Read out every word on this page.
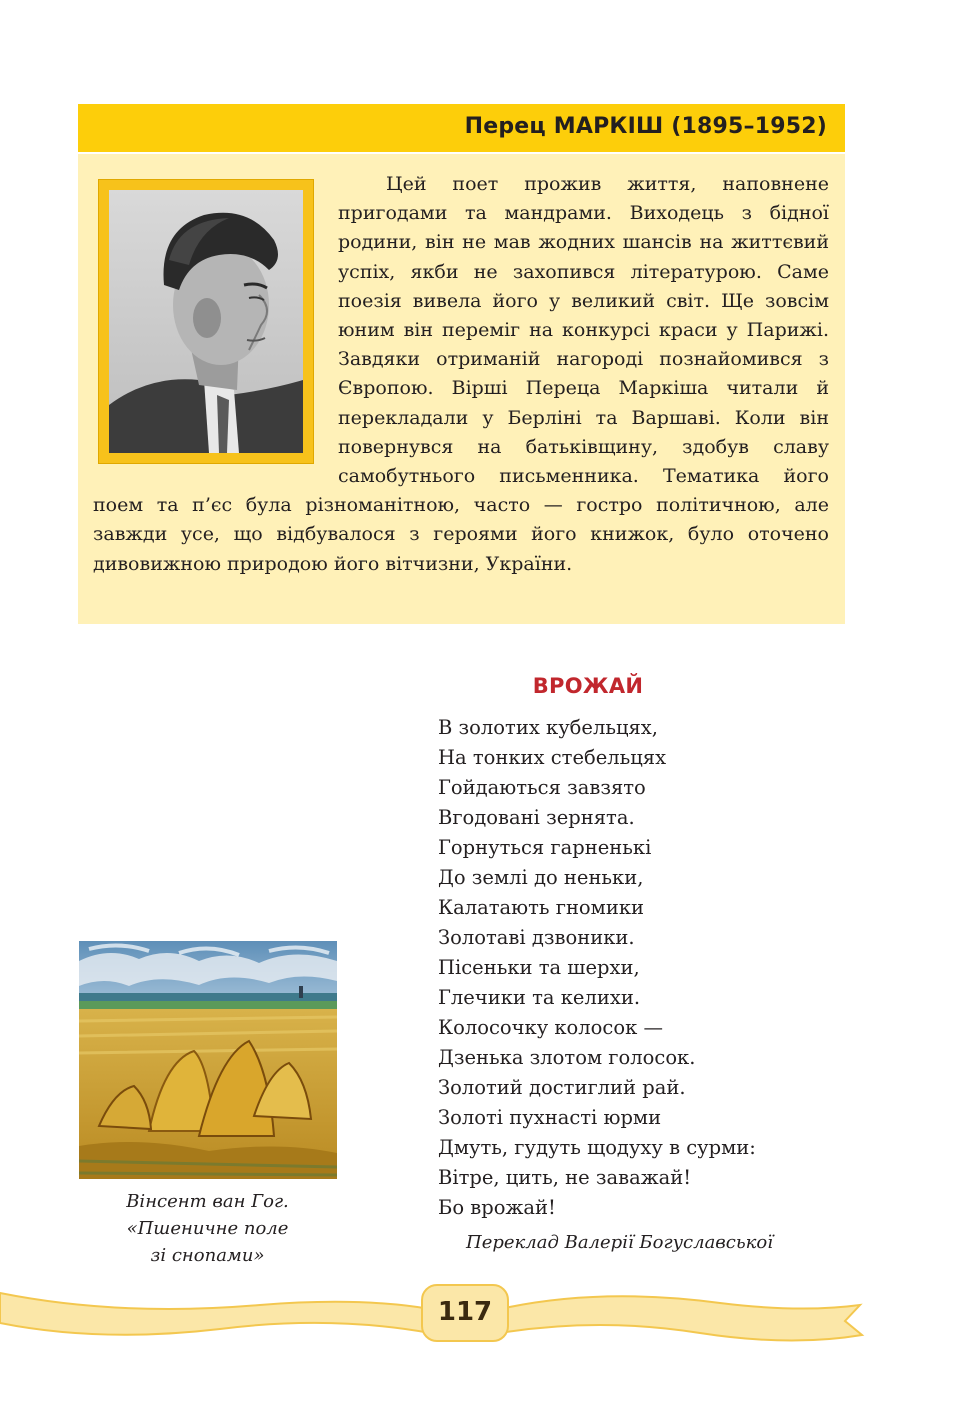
Перец МАРКІШ (1895–1952)

Цей поет прожив життя, наповнене пригодами та мандрами. Виходець з бідної родини, він не мав жодних шансів на життєвий успіх, якби не захопився літературою. Саме поезія вивела його у великий світ. Ще зовсім юним він переміг на конкурсі краси у Парижі. Завдяки отриманій нагороді познайомився з Європою. Вірші Переца Маркіша читали й перекладали у Берліні та Варшаві. Коли він повернувся на батьківщину, здобув славу самобутнього письменника. Тематика його поем та п’єс була різноманітною, часто — гостро політичною, але завжди усе, що відбувалося з героями його книжок, було оточено дивовижною природою його вітчизни, України.

ВРОЖАЙ
В золотих кубельцях,
На тонких стебельцях
Гойдаються завзято
Вгодовані зернята.
Горнуться гарненькі
До землі до неньки,
Калатають гномики
Золотаві дзвоники.
Пісеньки та шерхи,
Глечики та келихи.
Колосочку колосок —
Дзенька злотом голосок.
Золотий достиглий рай.
Золоті пухнасті юрми
Дмуть, гудуть щодуху в сурми:
Вітре, цить, не заважай!
Бо врожай!
Переклад Валерії Богуславської
Вінсент ван Гог.
«Пшеничне поле
зі снопами»
117
